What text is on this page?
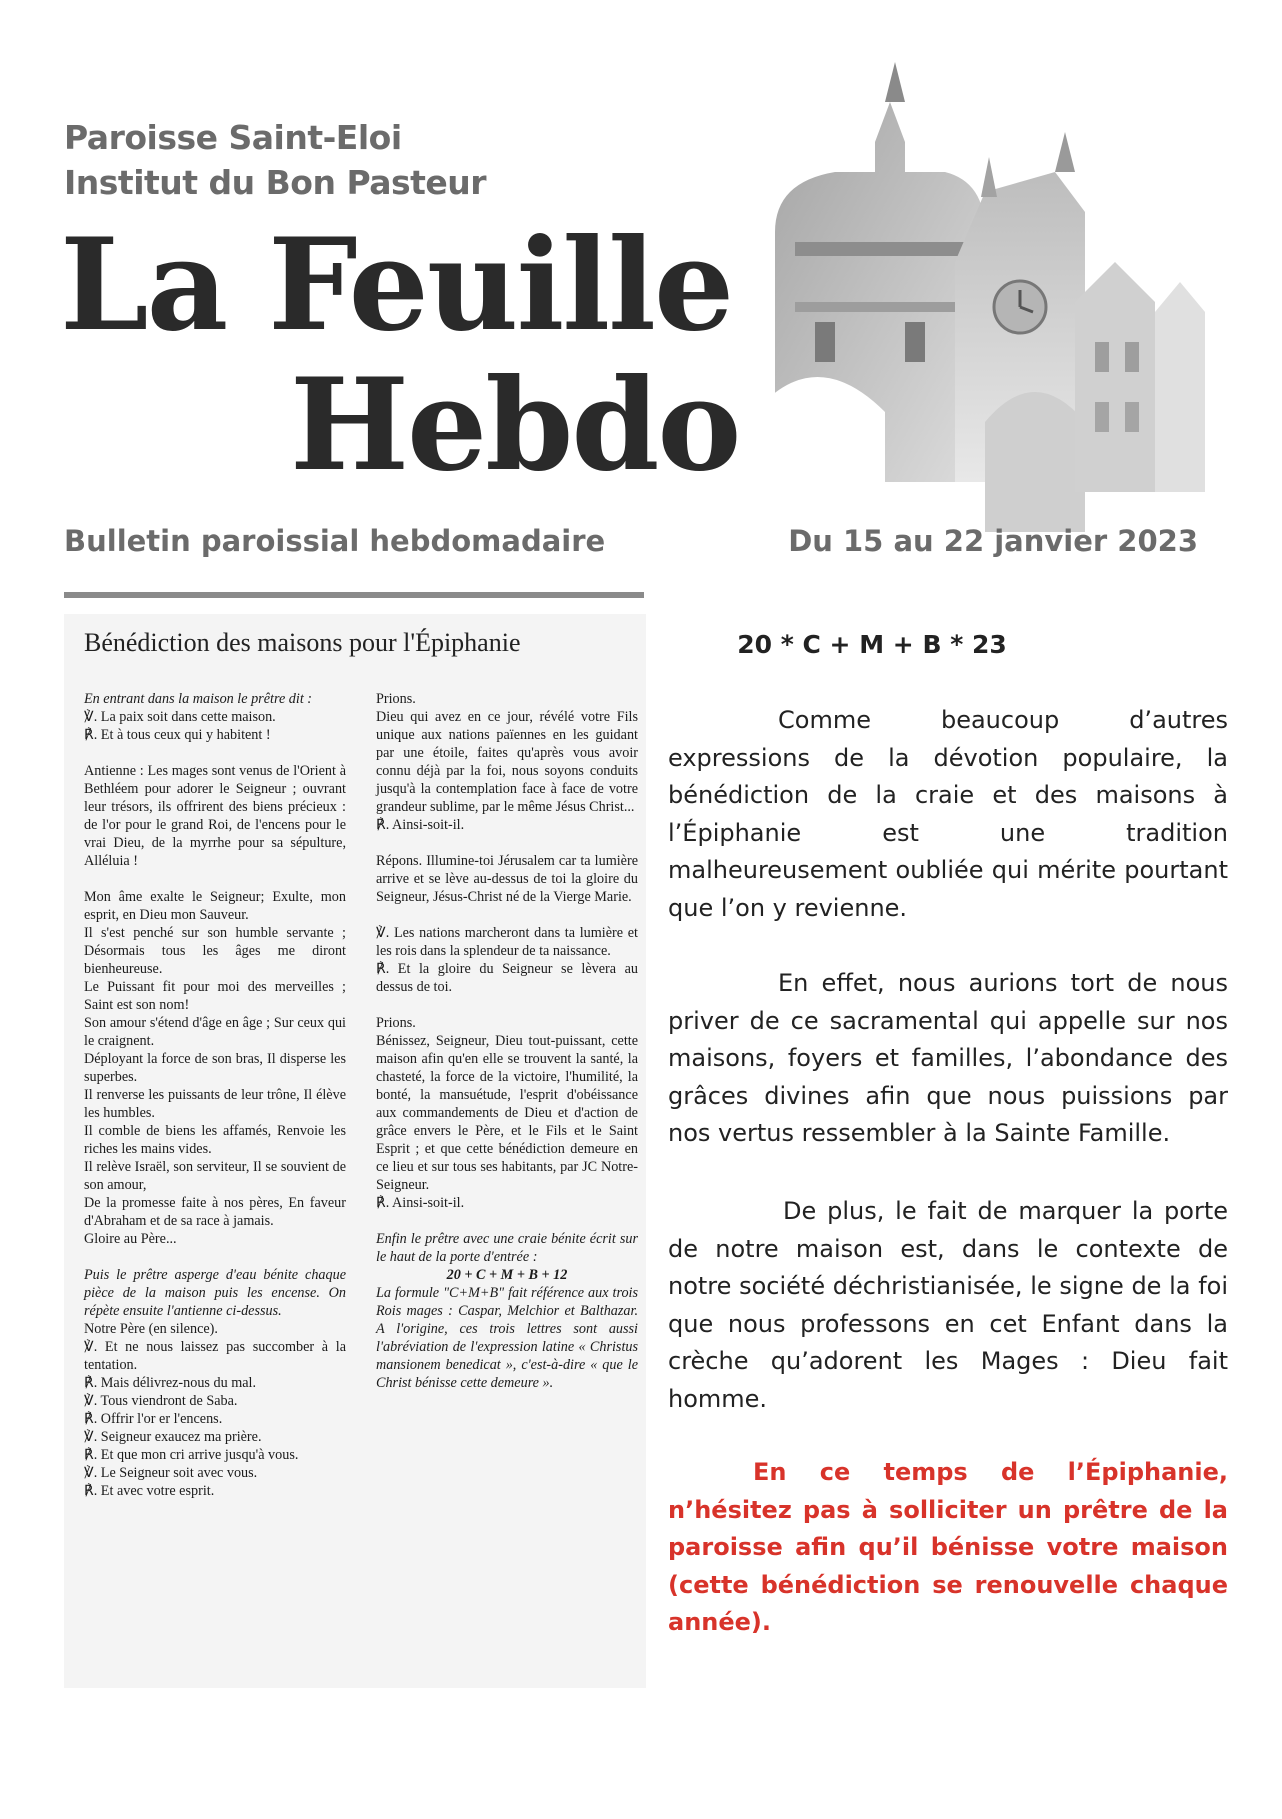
Paroisse Saint-Eloi
Institut du Bon Pasteur
La Feuille
Hebdo
Bulletin paroissial hebdomadaire	Du 15 au 22 janvier 2023
Bénédiction des maisons pour l'Épiphanie

En entrant dans la maison le prêtre dit :
℣. La paix soit dans cette maison.
℟. Et à tous ceux qui y habitent !

Antienne : Les mages sont venus de l'Orient à Bethléem pour adorer le Seigneur ; ouvrant leur trésors, ils offrirent des biens précieux : de l'or pour le grand Roi, de l'encens pour le vrai Dieu, de la myrrhe pour sa sépulture, Alléluia !

Mon âme exalte le Seigneur; Exulte, mon esprit, en Dieu mon Sauveur.
Il s'est penché sur son humble servante ; Désormais tous les âges me diront bienheureuse.
Le Puissant fit pour moi des merveilles ; Saint est son nom!
Son amour s'étend d'âge en âge ; Sur ceux qui le craignent.
Déployant la force de son bras, Il disperse les superbes.
Il renverse les puissants de leur trône, Il élève les humbles.
Il comble de biens les affamés, Renvoie les riches les mains vides.
Il relève Israël, son serviteur, Il se souvient de son amour,
De la promesse faite à nos pères, En faveur d'Abraham et de sa race à jamais.
Gloire au Père...

Puis le prêtre asperge d'eau bénite chaque pièce de la maison puis les encense. On répète ensuite l'antienne ci-dessus.
Notre Père (en silence).
℣. Et ne nous laissez pas succomber à la tentation.
℟. Mais délivrez-nous du mal.
℣. Tous viendront de Saba.
℟. Offrir l'or er l'encens.
℣. Seigneur exaucez ma prière.
℟. Et que mon cri arrive jusqu'à vous.
℣. Le Seigneur soit avec vous.
℟. Et avec votre esprit.

Prions.
Dieu qui avez en ce jour, révélé votre Fils unique aux nations païennes en les guidant par une étoile, faites qu'après vous avoir connu déjà par la foi, nous soyons conduits jusqu'à la contemplation face à face de votre grandeur sublime, par le même Jésus Christ...
℟. Ainsi-soit-il.

Répons. Illumine-toi Jérusalem car ta lumière arrive et se lève au-dessus de toi la gloire du Seigneur, Jésus-Christ né de la Vierge Marie.

℣. Les nations marcheront dans ta lumière et les rois dans la splendeur de ta naissance.
℟. Et la gloire du Seigneur se lèvera au dessus de toi.

Prions.
Bénissez, Seigneur, Dieu tout-puissant, cette maison afin qu'en elle se trouvent la santé, la chasteté, la force de la victoire, l'humilité, la bonté, la mansuétude, l'esprit d'obéissance aux commandements de Dieu et d'action de grâce envers le Père, et le Fils et le Saint Esprit ; et que cette bénédiction demeure en ce lieu et sur tous ses habitants, par JC Notre-Seigneur.
℟. Ainsi-soit-il.

Enfin le prêtre avec une craie bénite écrit sur le haut de la porte d'entrée :
20 + C + M + B + 12
La formule "C+M+B" fait référence aux trois Rois mages : Caspar, Melchior et Balthazar. A l'origine, ces trois lettres sont aussi l'abréviation de l'expression latine « Christus mansionem benedicat », c'est-à-dire « que le Christ bénisse cette demeure ».

20 * C + M + B * 23

Comme beaucoup d’autres expressions de la dévotion populaire, la bénédiction de la craie et des maisons à l’Épiphanie est une tradition malheureusement oubliée qui mérite pourtant que l’on y revienne.

En effet, nous aurions tort de nous priver de ce sacramental qui appelle sur nos maisons, foyers et familles, l’abondance des grâces divines afin que nous puissions par nos vertus ressembler à la Sainte Famille.

De plus, le fait de marquer la porte de notre maison est, dans le contexte de notre société déchristianisée, le signe de la foi que nous professons en cet Enfant dans la crèche qu’adorent les Mages : Dieu fait homme.

En ce temps de l’Épiphanie, n’hésitez pas à solliciter un prêtre de la paroisse afin qu’il bénisse votre maison (cette bénédiction se renouvelle chaque année).
